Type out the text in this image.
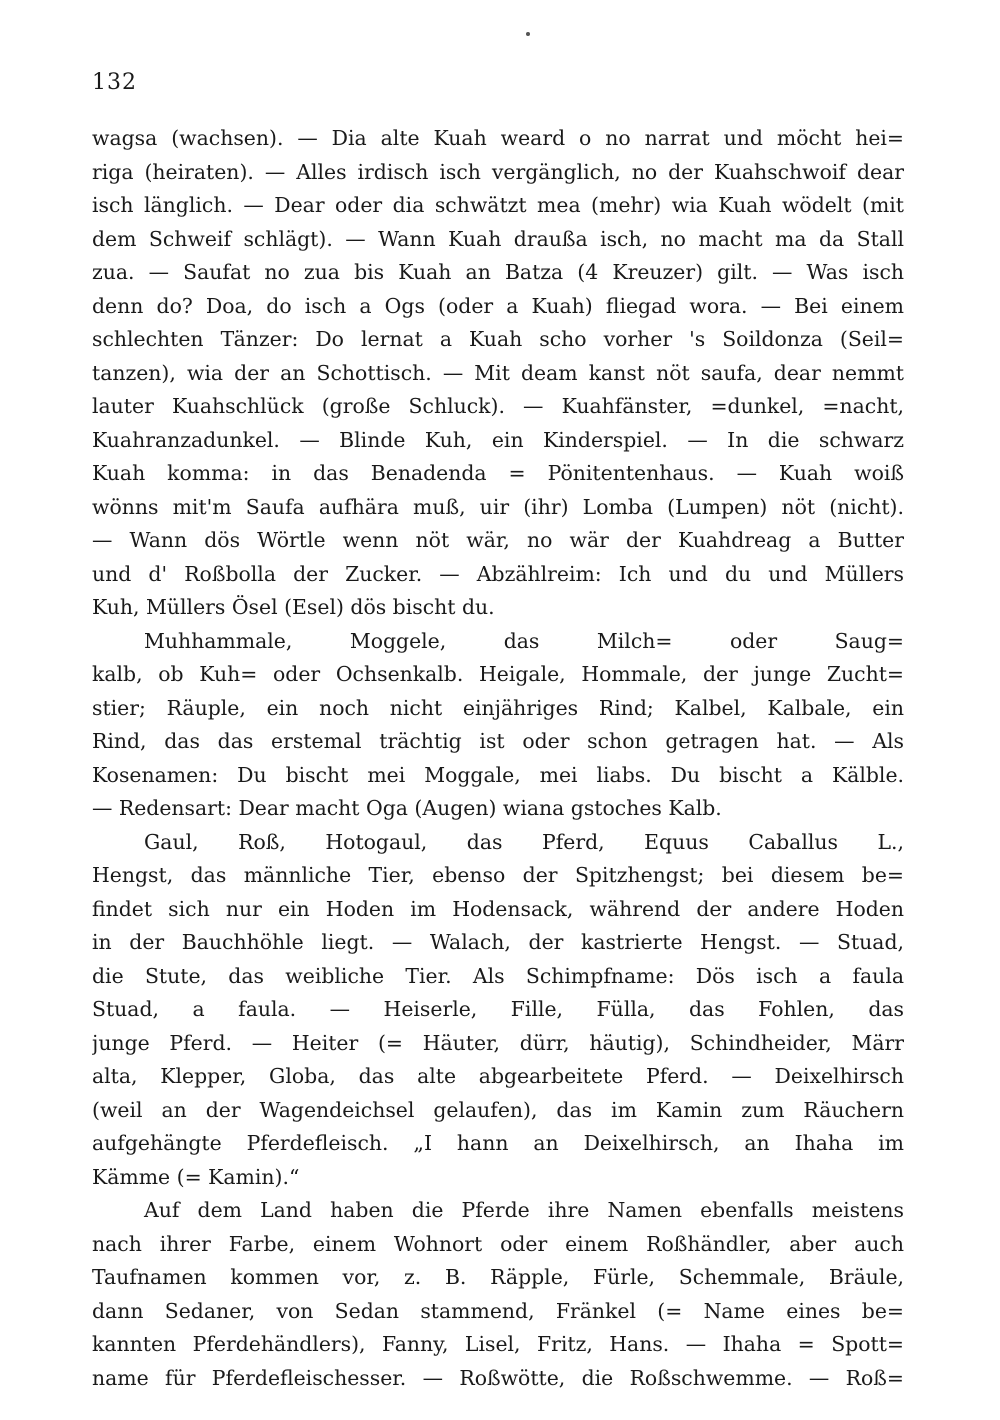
132
wagsa (wachsen). — Dia alte Kuah weard o no narrat und möcht hei=
riga (heiraten). — Alles irdisch isch vergänglich, no der Kuahschwoif dear
isch länglich. — Dear oder dia schwätzt mea (mehr) wia Kuah wödelt (mit
dem Schweif schlägt). — Wann Kuah draußa isch, no macht ma da Stall
zua. — Saufat no zua bis Kuah an Batza (4 Kreuzer) gilt. — Was isch
denn do? Doa, do isch a Ogs (oder a Kuah) fliegad wora. — Bei einem
schlechten Tänzer: Do lernat a Kuah scho vorher 's Soildonza (Seil=
tanzen), wia der an Schottisch. — Mit deam kanst nöt saufa, dear nemmt
lauter Kuahschlück (große Schluck). — Kuahfänster, =dunkel, =nacht,
Kuahranzadunkel. — Blinde Kuh, ein Kinderspiel. — In die schwarz
Kuah komma: in das Benadenda = Pönitentenhaus. — Kuah woiß
wönns mit'm Saufa aufhära muß, uir (ihr) Lomba (Lumpen) nöt (nicht).
— Wann dös Wörtle wenn nöt wär, no wär der Kuahdreag a Butter
und d' Roßbolla der Zucker. — Abzählreim: Ich und du und Müllers
Kuh, Müllers Ösel (Esel) dös bischt du.
Muhhammale, Moggele, das Milch= oder Saug=
kalb, ob Kuh= oder Ochsenkalb. Heigale, Hommale, der junge Zucht=
stier; Räuple, ein noch nicht einjähriges Rind; Kalbel, Kalbale, ein
Rind, das das erstemal trächtig ist oder schon getragen hat. — Als
Kosenamen: Du bischt mei Moggale, mei liabs. Du bischt a Kälble.
— Redensart: Dear macht Oga (Augen) wiana gstoches Kalb.
Gaul, Roß, Hotogaul, das Pferd, Equus Caballus L.,
Hengst, das männliche Tier, ebenso der Spitzhengst; bei diesem be=
findet sich nur ein Hoden im Hodensack, während der andere Hoden
in der Bauchhöhle liegt. — Walach, der kastrierte Hengst. — Stuad,
die Stute, das weibliche Tier. Als Schimpfname: Dös isch a faula
Stuad, a faula. — Heiserle, Fille, Fülla, das Fohlen, das
junge Pferd. — Heiter (= Häuter, dürr, häutig), Schindheider, Märr
alta, Klepper, Globa, das alte abgearbeitete Pferd. — Deixelhirsch
(weil an der Wagendeichsel gelaufen), das im Kamin zum Räuchern
aufgehängte Pferdefleisch. „I hann an Deixelhirsch, an Ihaha im
Kämme (= Kamin).“
Auf dem Land haben die Pferde ihre Namen ebenfalls meistens
nach ihrer Farbe, einem Wohnort oder einem Roßhändler, aber auch
Taufnamen kommen vor, z. B. Räpple, Fürle, Schemmale, Bräule,
dann Sedaner, von Sedan stammend, Fränkel (= Name eines be=
kannten Pferdehändlers), Fanny, Lisel, Fritz, Hans. — Ihaha = Spott=
name für Pferdefleischesser. — Roßwötte, die Roßschwemme. — Roß=
